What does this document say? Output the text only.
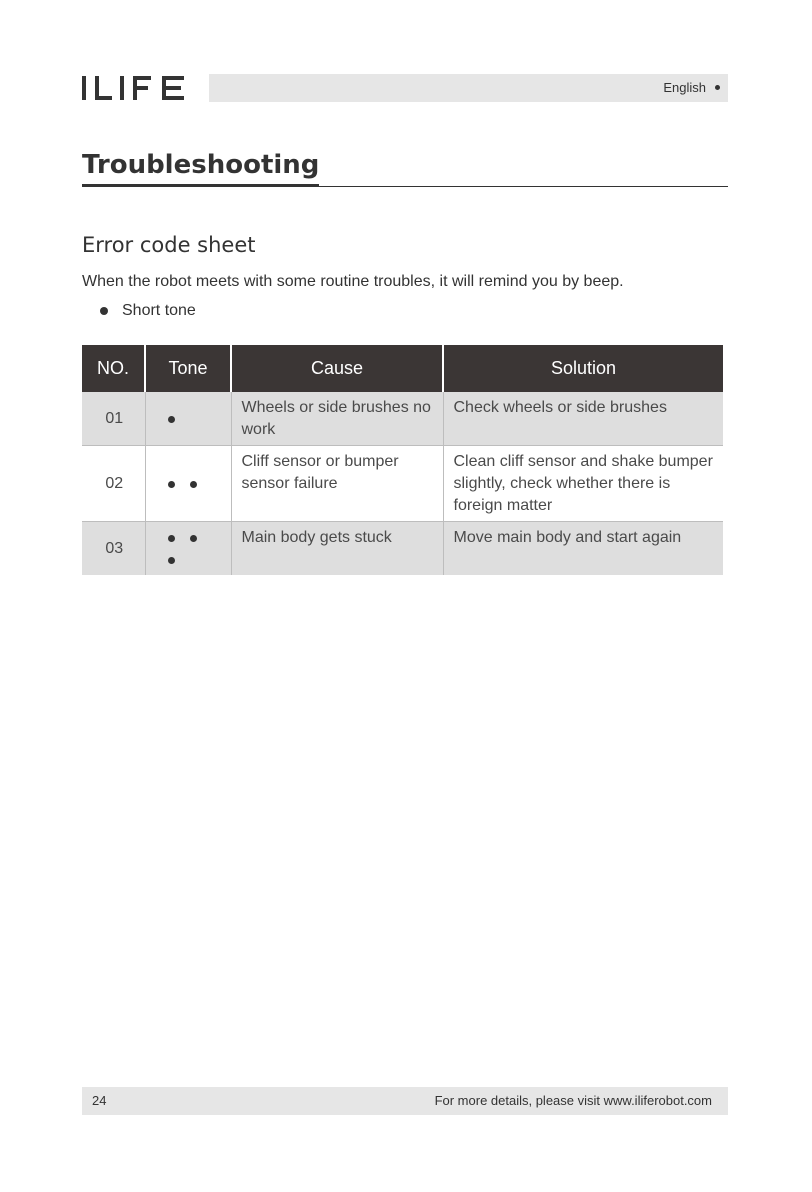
English
Troubleshooting
Error code sheet

When the robot meets with some routine troubles, it will remind you by beep.

Short tone
NO.	Tone	Cause	Solution
01		Wheels or side brushes no work	Check wheels or side brushes
02		Cliff sensor or bumper sensor failure	Clean cliff sensor and shake bumper slightly, check whether there is foreign matter
03		Main body gets stuck	Move main body and start again
24	For more details, please visit www.iliferobot.com
